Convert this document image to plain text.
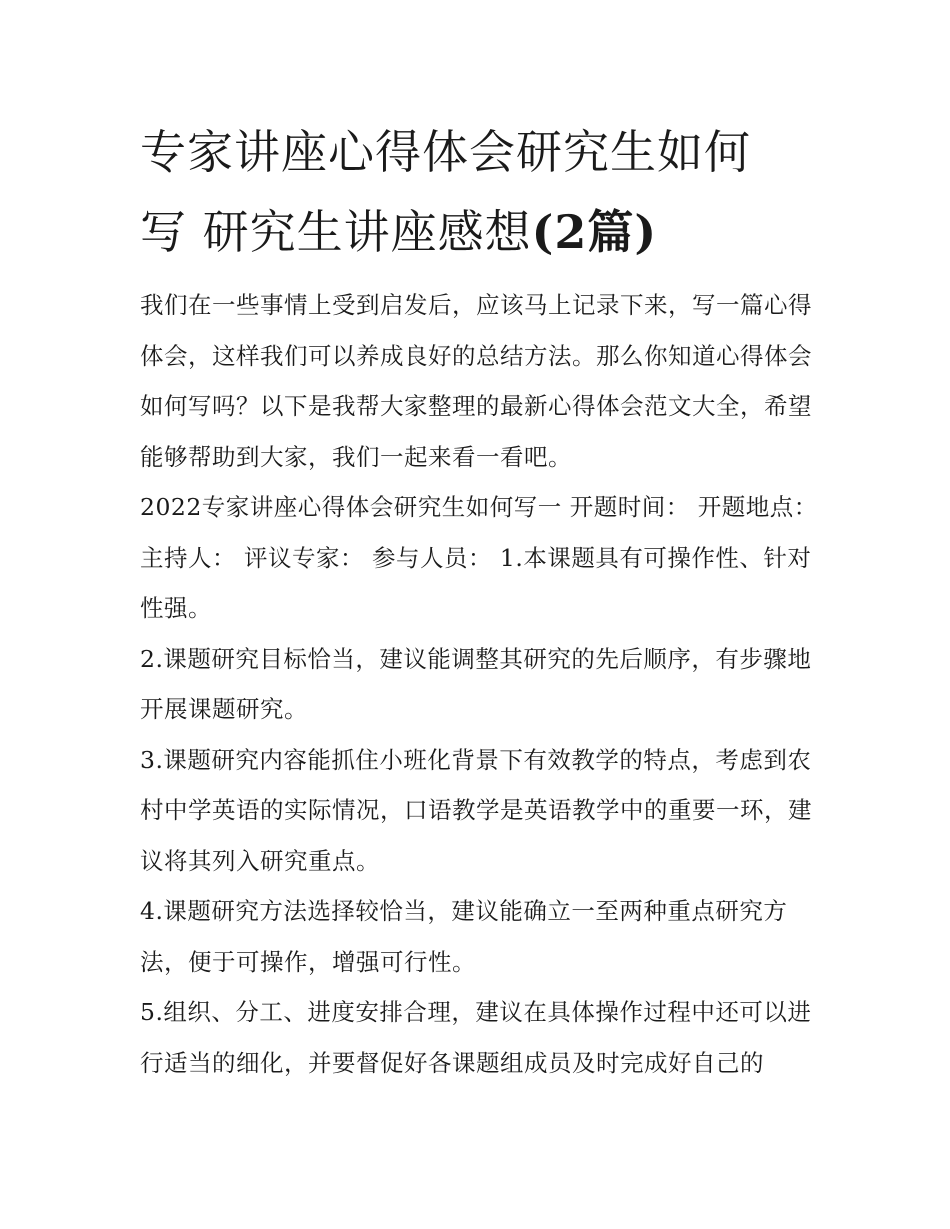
专家讲座心得体会研究生如何
写 研究生讲座感想(2篇)

我们在一些事情上受到启发后，应该马上记录下来，写一篇心得体会，这样我们可以养成良好的总结方法。那么你知道心得体会如何写吗？以下是我帮大家整理的最新心得体会范文大全，希望能够帮助到大家，我们一起来看一看吧。

2022专家讲座心得体会研究生如何写一 开题时间： 开题地点： 主持人： 评议专家： 参与人员： 1.本课题具有可操作性、针对性强。

2.课题研究目标恰当，建议能调整其研究的先后顺序，有步骤地开展课题研究。

3.课题研究内容能抓住小班化背景下有效教学的特点，考虑到农村中学英语的实际情况，口语教学是英语教学中的重要一环，建议将其列入研究重点。

4.课题研究方法选择较恰当，建议能确立一至两种重点研究方法，便于可操作，增强可行性。

5.组织、分工、进度安排合理，建议在具体操作过程中还可以进行适当的细化，并要督促好各课题组成员及时完成好自己的
